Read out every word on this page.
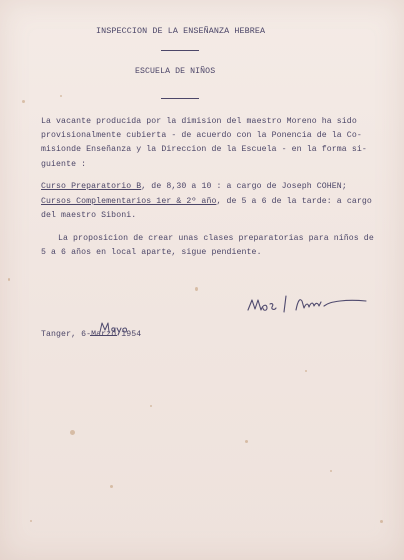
INSPECCION DE LA ENSEÑANZA HEBREA
ESCUELA DE NIÑOS
La vacante producida por la dimision del maestro Moreno ha sido
provisionalmente cubierta - de acuerdo con la Ponencia de la Co-
misionde Enseñanza y la Direccion de la Escuela - en la forma si-
guiente :
Curso Preparatorio B, de 8,30 a 10 : a cargo de Joseph COHEN;
Cursos Complementarios 1er & 2º año, de 5 a 6 de la tarde: a cargo
del maestro Siboni.
La proposicion de crear unas clases preparatorias para niños de
5 a 6 años en local aparte, sigue pendiente.
Tanger, 6-Marzo 1954
